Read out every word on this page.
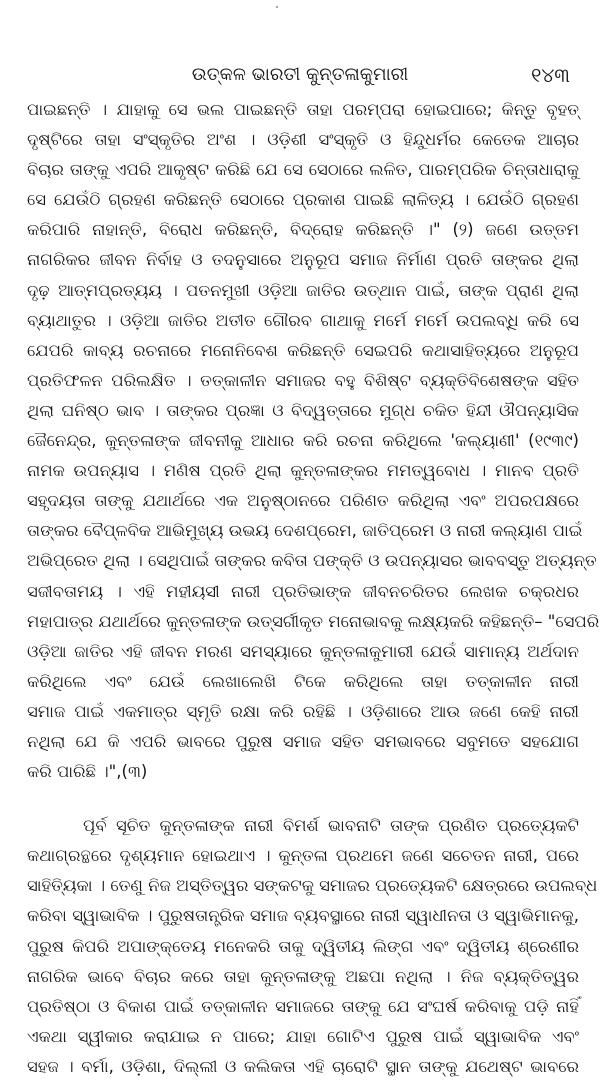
ଉତ୍କଳ ଭାରତୀ କୁନ୍ତଳାକୁମାରୀ	୧୪୩
ପାଇଛନ୍ତି । ଯାହାକୁ ସେ ଭଲ ପାଇଛନ୍ତି ତାହା ପରମ୍ପରା ହୋଇପାରେ; କିନ୍ତୁ ବୃହତ୍
ଦୃଷ୍ଟିରେ ତାହା ସଂସ୍କୃତିର ଅଂଶ । ଓଡ଼ିଶୀ ସଂସ୍କୃତି ଓ ହିନ୍ଦୁଧର୍ମର କେତେକ ଆଚାର
ବିଚାର ତାଙ୍କୁ ଏପରି ଆକୃଷ୍ଟ କରିଛି ଯେ ସେ ସେଠାରେ ଲଳିତ, ପାରମ୍ପରିକ ଚିନ୍ତାଧାରାକୁ
ସେ ଯେଉଁଠି ଗ୍ରହଣ କରିଛନ୍ତି ସେଠାରେ ପ୍ରକାଶ ପାଇଛି ଲାଳିତ୍ୟ । ଯେଉଁଠି ଗ୍ରହଣ
କରିପାରି ନାହାନ୍ତି, ବିରୋଧ କରିଛନ୍ତି, ବିଦ୍ରୋହ କରିଛନ୍ତି ।" (୨) ଜଣେ ଉତ୍ତମ
ନାଗରିକର ଜୀବନ ନିର୍ବାହ ଓ ତଦନୁସାରେ ଅନୁରୂପ ସମାଜ ନିର୍ମାଣ ପ୍ରତି ତାଙ୍କର ଥିଲା
ଦୃଢ଼ ଆତ୍ମପ୍ରତ୍ୟୟ । ପତନମୁଖୀ ଓଡ଼ିଆ ଜାତିର ଉତ୍‌ଥାନ ପାଇଁ, ତାଙ୍କ ପ୍ରାଣ ଥିଲା
ବ୍ୟାଥାତୁର । ଓଡ଼ିଆ ଜାତିର ଅତୀତ ଗୌରବ ଗାଥାକୁ ମର୍ମେ ମର୍ମେ ଉପଲବ୍ଧି କରି ସେ
ଯେପରି କାବ୍ୟ ରଚନାରେ ମନୋନିବେଶ କରିଛନ୍ତି ସେଇପରି କଥାସାହିତ୍ୟରେ ଅନୁରୂପ
ପ୍ରତିଫଳନ ପରିଲକ୍ଷିତ । ତତ୍‌କାଳୀନ ସମାଜର ବହୁ ବିଶିଷ୍ଟ ବ୍ୟକ୍ତିବିଶେଷଙ୍କ ସହିତ
ଥିଲା ଘନିଷ୍ଠ ଭାବ । ତାଙ୍କର ପ୍ରଜ୍ଞା ଓ ବିଦ୍ୱତ୍ତାରେ ମୁଗ୍ଧ ଚକିତ ହିନ୍ଦୀ ଔପନ୍ୟାସିକ
ଜୈନେନ୍ଦ୍ର, କୁନ୍ତଳାଙ୍କ ଜୀବନୀକୁ ଆଧାର କରି ରଚନା କରିଥିଲେ 'କଲ୍ୟାଣୀ' (୧୯୩୯)
ନାମକ ଉପନ୍ୟାସ । ମଣିଷ ପ୍ରତି ଥିଲା କୁନ୍ତଳାଙ୍କର ମମତ୍ୱବୋଧ । ମାନବ ପ୍ରତି
ସହୃଦୟତା ତାଙ୍କୁ ଯଥାର୍ଥରେ ଏକ ଅନୁଷ୍ଠାନରେ ପରିଣତ କରିଥିଲା ଏବଂ ଅପରପକ୍ଷରେ
ତାଙ୍କର ବୈପ୍ଳବିକ ଆଭିମୁଖ୍ୟ ଉଭୟ ଦେଶପ୍ରେମ, ଜାତିପ୍ରେମ ଓ ନାରୀ କଲ୍ୟାଣ ପାଇଁ
ଅଭିପ୍ରେତ ଥିଲା । ସେଥିପାଇଁ ତାଙ୍କର କବିତା ପଙ୍‌କ୍ତି ଓ ଉପନ୍ୟାସର ଭାବବସ୍ତୁ ଅତ୍ୟନ୍ତ
ସଜୀବତାମୟ । ଏହି ମହୀୟସୀ ନାରୀ ପ୍ରତିଭାଙ୍କ ଜୀବନଚରିତର ଲେଖକ ଚକ୍ରଧର
ମହାପାତ୍ର ଯଥାର୍ଥରେ କୁନ୍ତଳାଙ୍କ ଉତ୍ସର୍ଗୀକୃତ ମନୋଭାବକୁ ଲକ୍ଷ୍ୟକରି କହିଛନ୍ତି– "ସେପରି
ଓଡ଼ିଆ ଜାତିର ଏହି ଜୀବନ ମରଣ ସମସ୍ୟାରେ କୁନ୍ତଳାକୁମାରୀ ଯେଉଁ ସାମାନ୍ୟ ଅର୍ଥଦାନ
କରିଥିଲେ ଏବଂ ଯେଉଁ ଲେଖାଲେଖି ଟିକେ କରିଥିଲେ ତାହା ତତ୍‌କାଳୀନ ନାରୀ
ସମାଜ ପାଇଁ ଏକମାତ୍ର ସ୍ମୃତି ରକ୍ଷା କରି ରହିଛି । ଓଡ଼ିଶାରେ ଆଉ ଜଣେ କେହି ନାରୀ
ନଥିଲା ଯେ କି ଏପରି ଭାବରେ ପୁରୁଷ ସମାଜ ସହିତ ସମଭାବରେ ସବୁମତେ ସହଯୋଗ
କରି ପାରିଛି ।",(୩)
ପୂର୍ବ ସୂଚିତ କୁନ୍ତଳାଙ୍କ ନାରୀ ବିମର୍ଶ ଭାବନାଟି ତାଙ୍କ ପ୍ରଣିତ ପ୍ରତ୍ୟେକଟି
କଥାଗ୍ରନ୍ଥରେ ଦୃଶ୍ୟମାନ ହୋଇଥାଏ । କୁନ୍ତଳା ପ୍ରଥମେ ଜଣେ ସଚେତନ ନାରୀ, ପରେ
ସାହିତ୍ୟିକା । ତେଣୁ ନିଜ ଅସ୍ତିତ୍ୱର ସଙ୍କଟକୁ ସମାଜର ପ୍ରତ୍ୟେକଟି କ୍ଷେତ୍ରରେ ଉପଲବ୍ଧ
କରିବା ସ୍ୱାଭାବିକ । ପୁରୁଷତାନ୍ତ୍ରିକ ସମାଜ ବ୍ୟବସ୍ଥାରେ ନାରୀ ସ୍ୱାଧୀନତା ଓ ସ୍ୱାଭିମାନକୁ,
ପୁରୁଷ କିପରି ଅପାଙ୍‌କ୍ତେୟ ମନେକରି ତାକୁ ଦ୍ୱିତୀୟ ଲିଙ୍ଗ ଏବଂ ଦ୍ୱିତୀୟ ଶ୍ରେଣୀର
ନାଗରିକ ଭାବେ ବିଚାର କରେ ତାହା କୁନ୍ତଳାଙ୍କୁ ଅଛପା ନଥିଲା । ନିଜ ବ୍ୟକ୍ତିତ୍ୱର
ପ୍ରତିଷ୍ଠା ଓ ବିକାଶ ପାଇଁ ତତ୍‌କାଳୀନ ସମାଜରେ ତାଙ୍କୁ ଯେ ସଂଘର୍ଷ କରିବାକୁ ପଡ଼ି ନାହିଁ
ଏକଥା ସ୍ୱୀକାର କରାଯାଇ ନ ପାରେ; ଯାହା ଗୋଟିଏ ପୁରୁଷ ପାଇଁ ସ୍ୱାଭାବିକ ଏବଂ
ସହଜ । ବର୍ମା, ଓଡ଼ିଶା, ଦିଲ୍ଲୀ ଓ କଲିକତା ଏହି ଚାରୋଟି ସ୍ଥାନ ତାଙ୍କୁ ଯଥେଷ୍ଟ ଭାବରେ
